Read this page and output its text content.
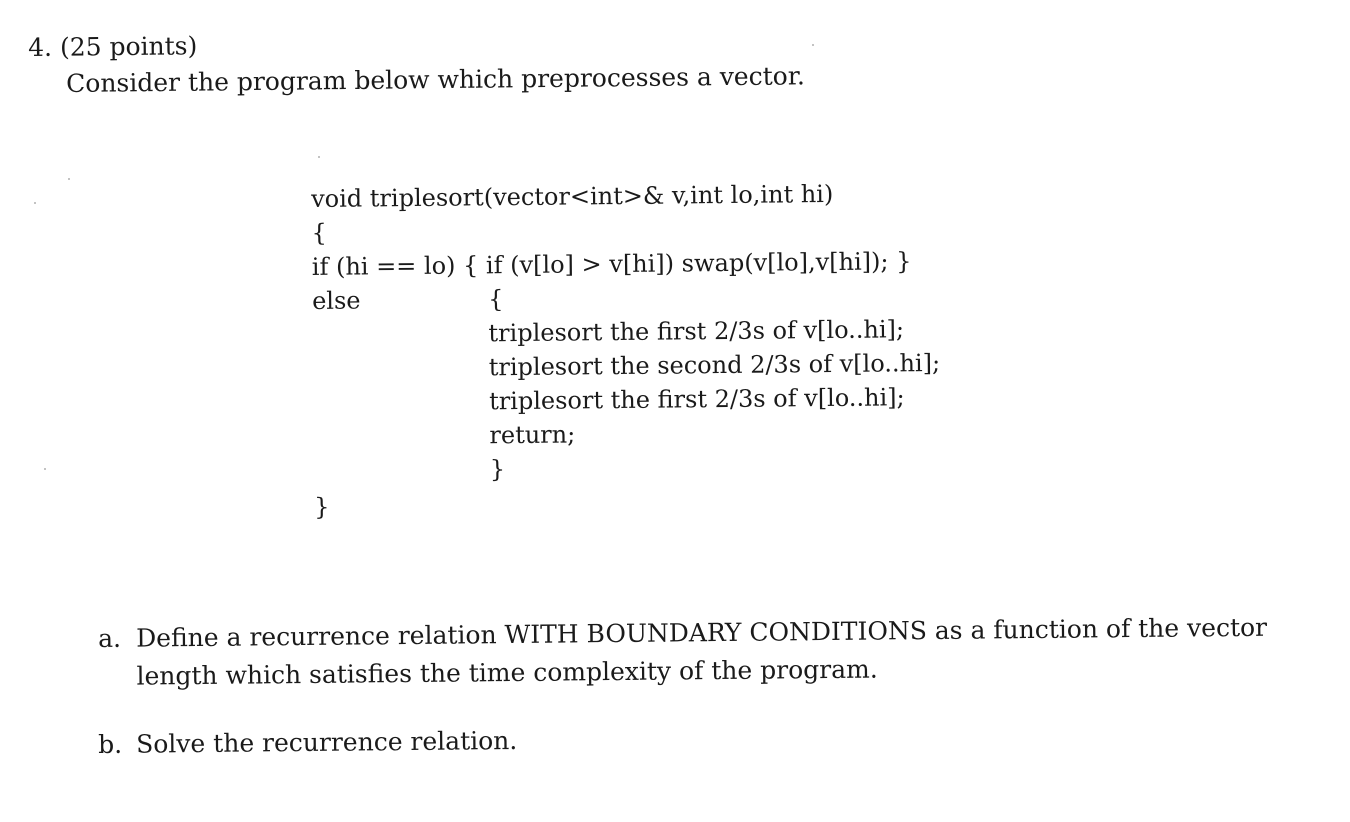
4. (25 points)
Consider the program below which preprocesses a vector.
void triplesort(vector<int>& v,int lo,int hi)
{
if (hi == lo) { if (v[lo] > v[hi]) swap(v[lo],v[hi]); }
else	{
triplesort the first 2/3s of v[lo..hi];
triplesort the second 2/3s of v[lo..hi];
triplesort the first 2/3s of v[lo..hi];
return;
}
}
a. Define a recurrence relation WITH BOUNDARY CONDITIONS as a function of the vector length which satisfies the time complexity of the program.
b. Solve the recurrence relation.
